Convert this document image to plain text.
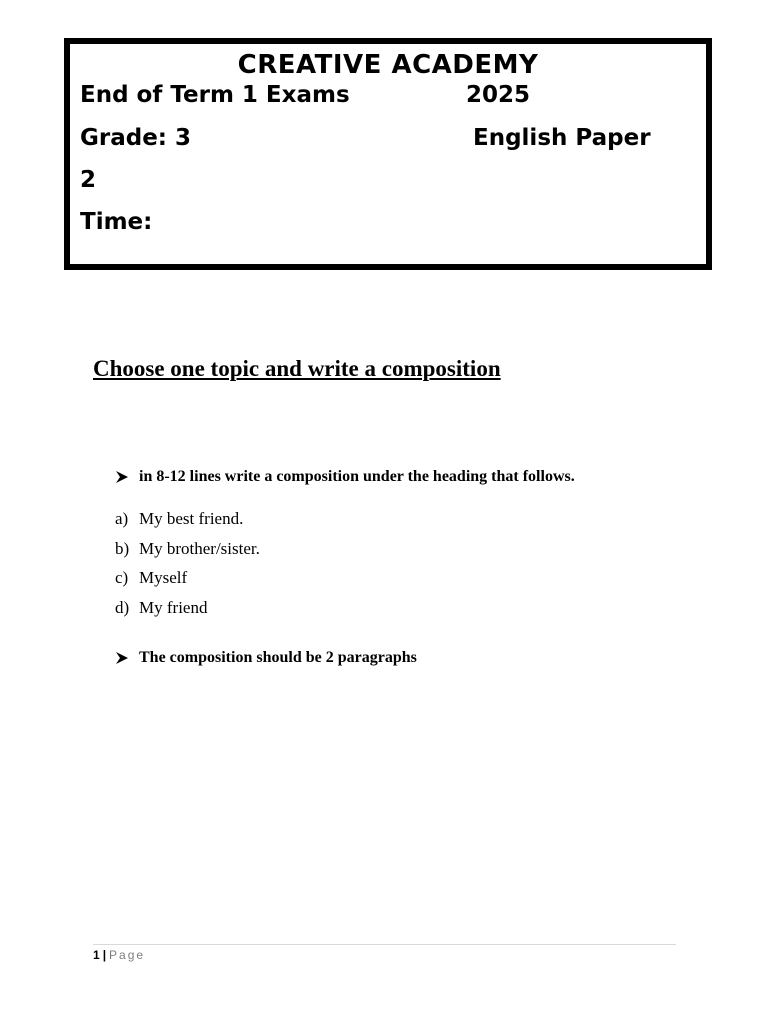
CREATIVE ACADEMY
End of Term 1 Exams	2025
Grade: 3	English Paper
2
Time:
Choose one topic and write a composition
in 8-12 lines write a composition under the heading that follows.
a) My best friend.
b) My brother/sister.
c) Myself
d) My friend
The composition should be 2 paragraphs
1 | Page
